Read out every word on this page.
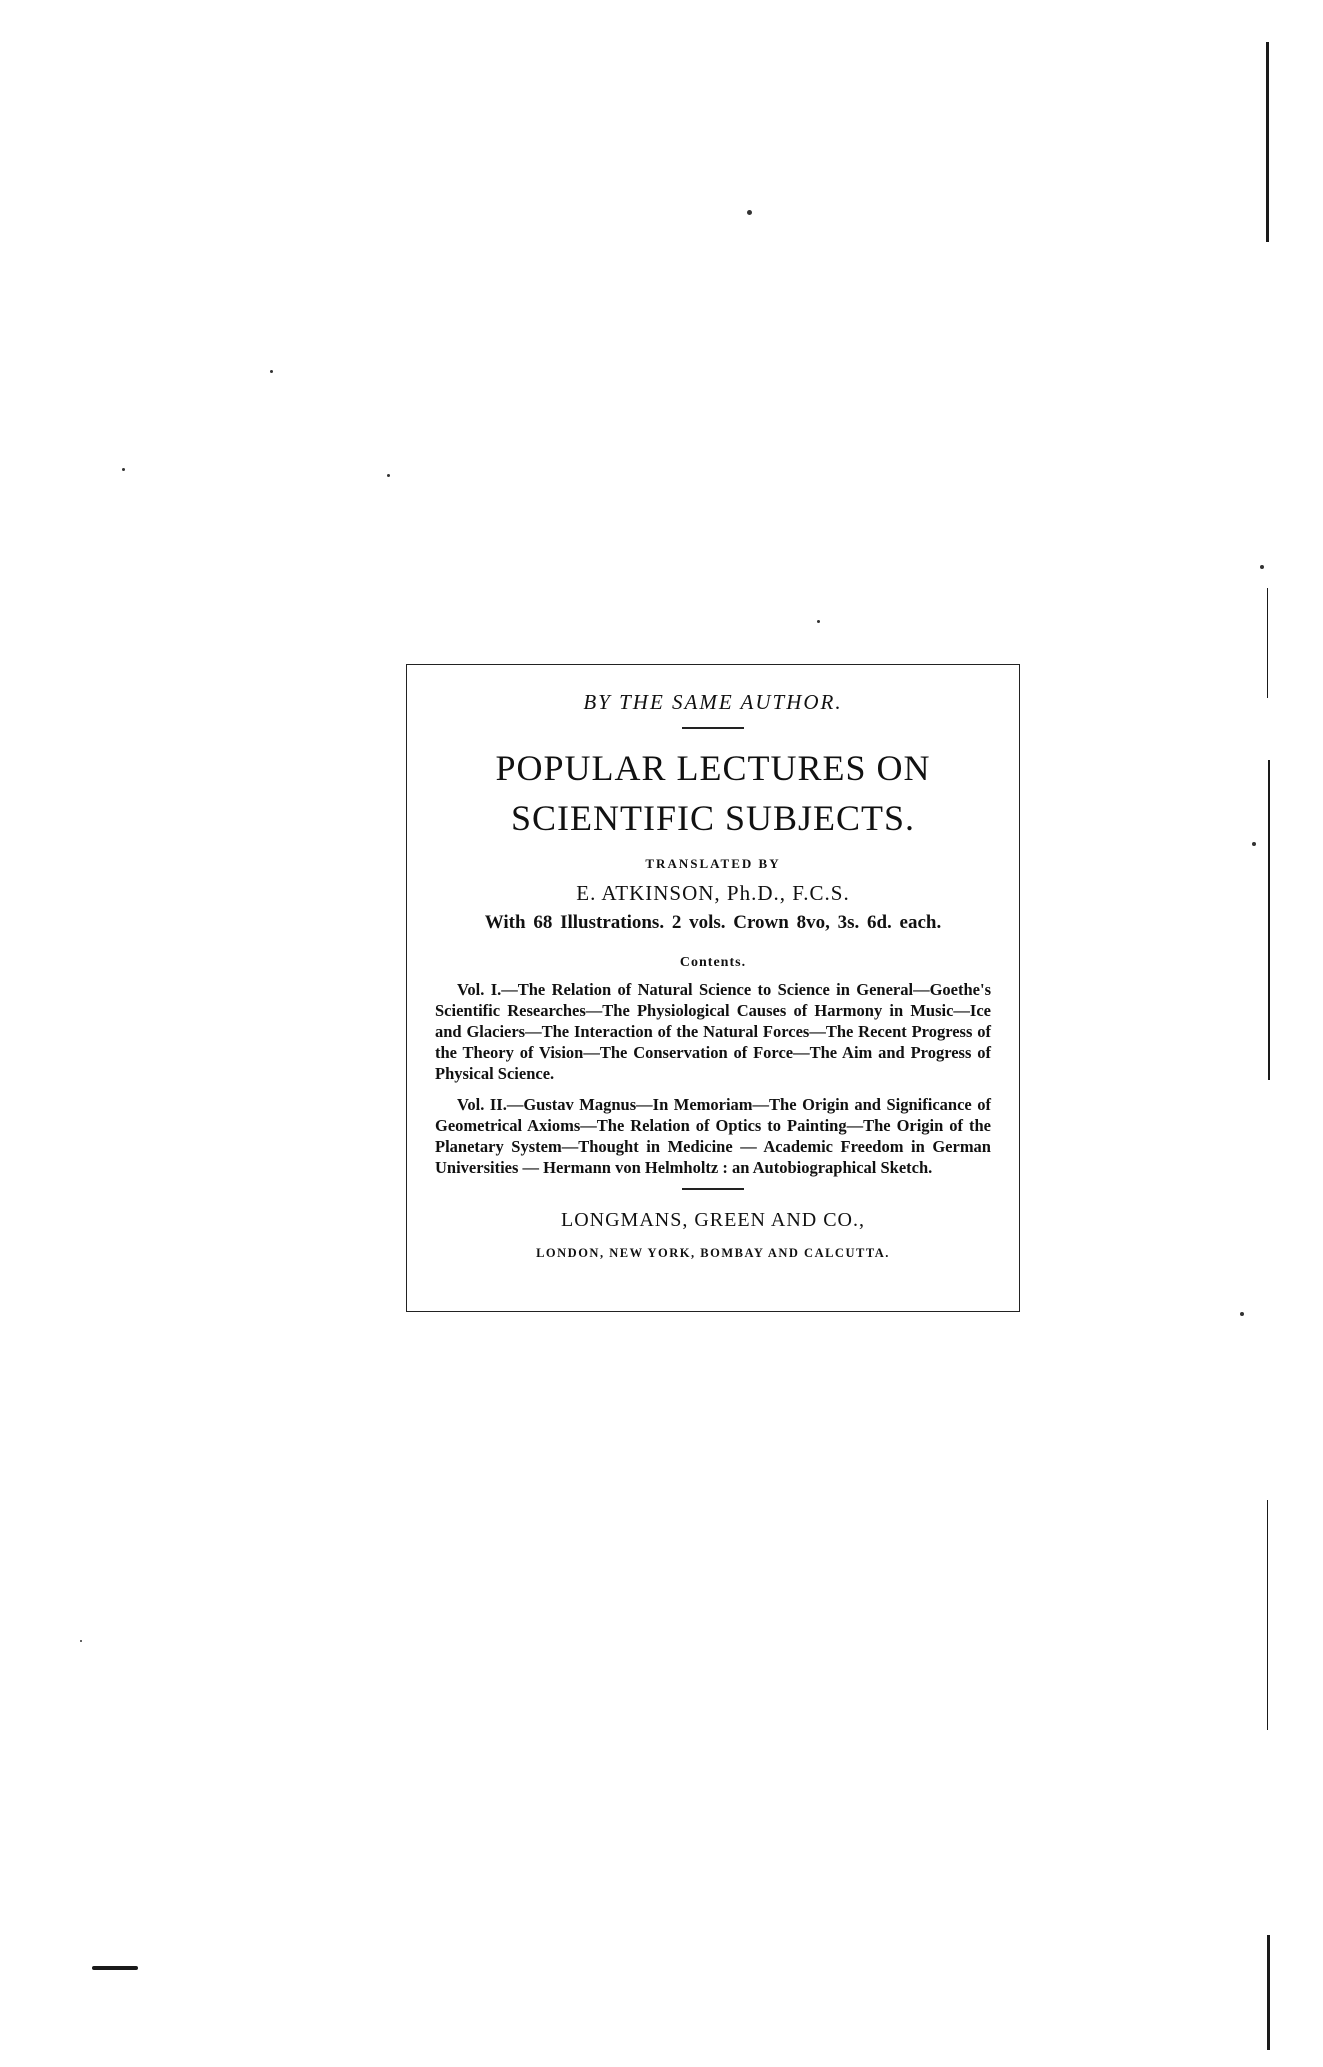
BY THE SAME AUTHOR.

POPULAR LECTURES ON

SCIENTIFIC SUBJECTS.

TRANSLATED BY

E. ATKINSON, Ph.D., F.C.S.

With 68 Illustrations. 2 vols. Crown 8vo, 3s. 6d. each.

Contents.

Vol. I.—The Relation of Natural Science to Science in General—Goethe's Scientific Researches—The Physiological Causes of Harmony in Music—Ice and Glaciers—The Interaction of the Natural Forces—The Recent Progress of the Theory of Vision—The Conservation of Force—The Aim and Progress of Physical Science.

Vol. II.—Gustav Magnus—In Memoriam—The Origin and Significance of Geometrical Axioms—The Relation of Optics to Painting—The Origin of the Planetary System—Thought in Medicine — Academic Freedom in German Universities — Hermann von Helmholtz : an Autobiographical Sketch.

LONGMANS, GREEN AND CO.,

LONDON, NEW YORK, BOMBAY AND CALCUTTA.
